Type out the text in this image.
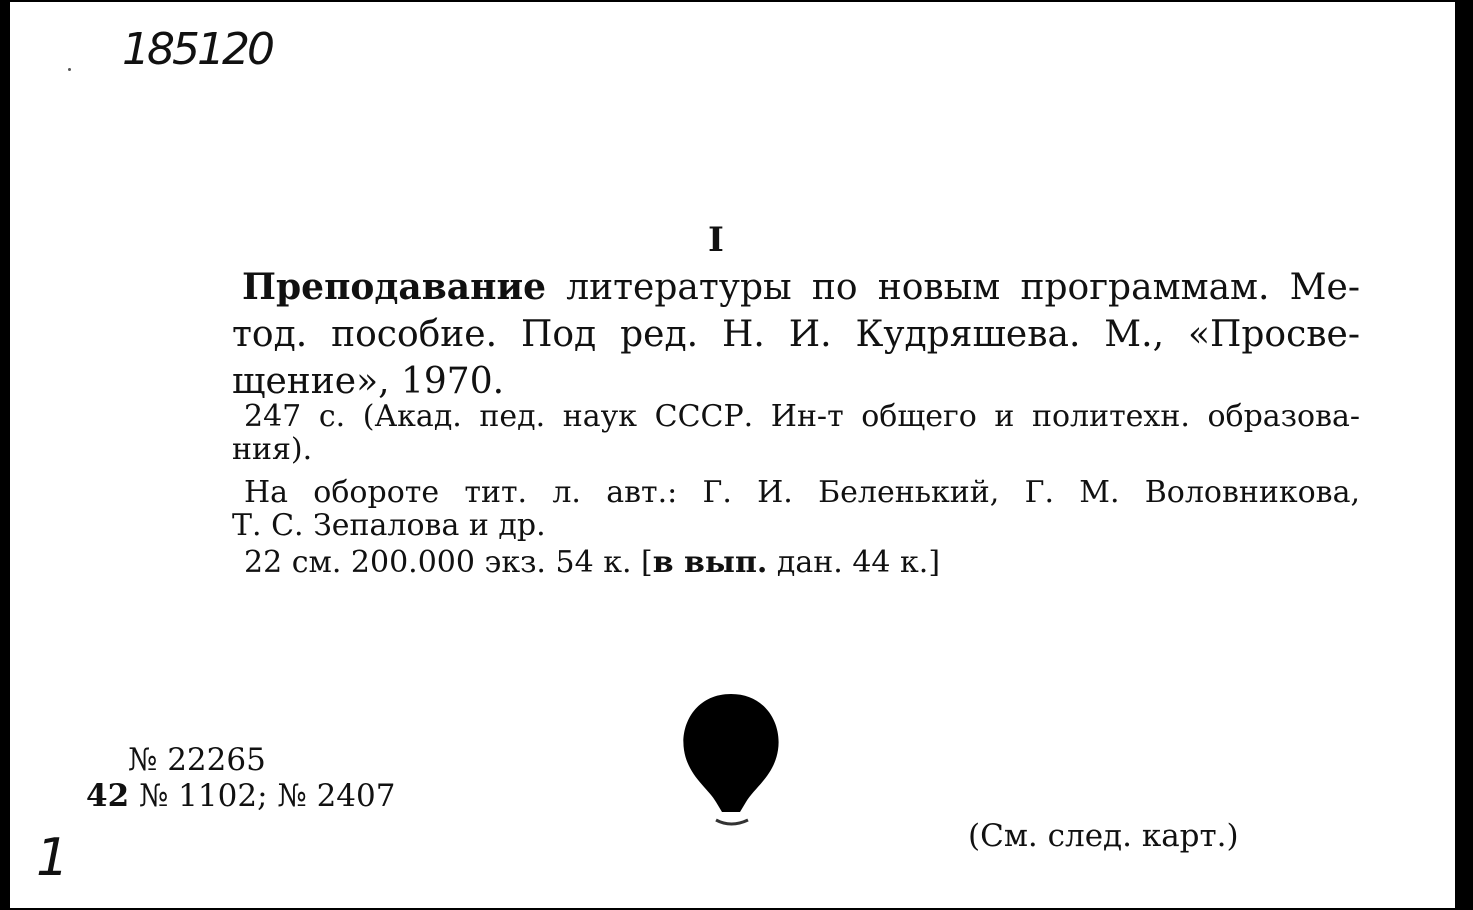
185120
I
Преподавание литературы по новым программам. Ме-
тод. пособие. Под ред. Н. И. Кудряшева. М., «Просве-
щение», 1970.
247 с. (Акад. пед. наук СССР. Ин-т общего и политехн. образова-
ния).
На обороте тит. л. авт.: Г. И. Беленький, Г. М. Воловникова,
Т. С. Зепалова и др.
22 см. 200.000 экз. 54 к. [в вып. дан. 44 к.]
№ 22265
42 № 1102; № 2407
(См. след. карт.)
1
